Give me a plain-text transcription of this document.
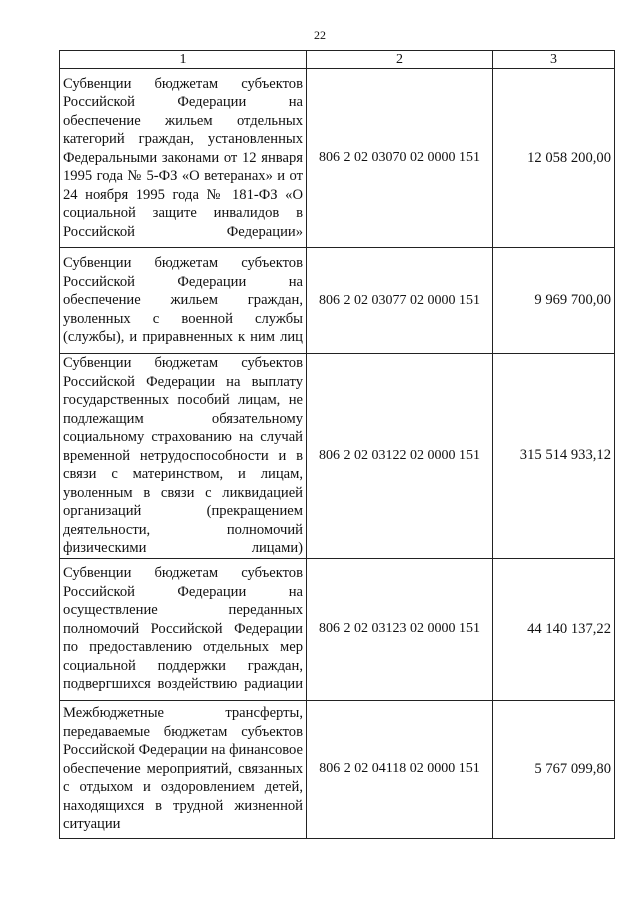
22
1	2	3
Субвенции бюджетам субъектов Российской Федерации на обеспечение жильем отдельных категорий граждан, установленных Федеральными законами от 12 января 1995 года № 5-ФЗ «О ветеранах» и от 24 ноября 1995 года № 181-ФЗ «О социальной защите инвалидов в Российской Федерации»	806 2 02 03070 02 0000 151	12 058 200,00
Субвенции бюджетам субъектов Российской Федерации на обеспечение жильем граждан, уволенных с военной службы (службы), и приравненных к ним лиц	806 2 02 03077 02 0000 151	9 969 700,00
Субвенции бюджетам субъектов Российской Федерации на выплату государственных пособий лицам, не подлежащим обязательному социальному страхованию на случай временной нетрудоспособности и в связи с материнством, и лицам, уволенным в связи с ликвидацией организаций (прекращением деятельности, полномочий физическими лицами)	806 2 02 03122 02 0000 151	315 514 933,12
Субвенции бюджетам субъектов Российской Федерации на осуществление переданных полномочий Российской Федерации по предоставлению отдельных мер социальной поддержки граждан, подвергшихся воздействию радиации	806 2 02 03123 02 0000 151	44 140 137,22
Межбюджетные трансферты, передаваемые бюджетам субъектов Российской Федерации на финансовое обеспечение мероприятий, связанных с отдыхом и оздоровлением детей, находящихся в трудной жизненной ситуации	806 2 02 04118 02 0000 151	5 767 099,80
